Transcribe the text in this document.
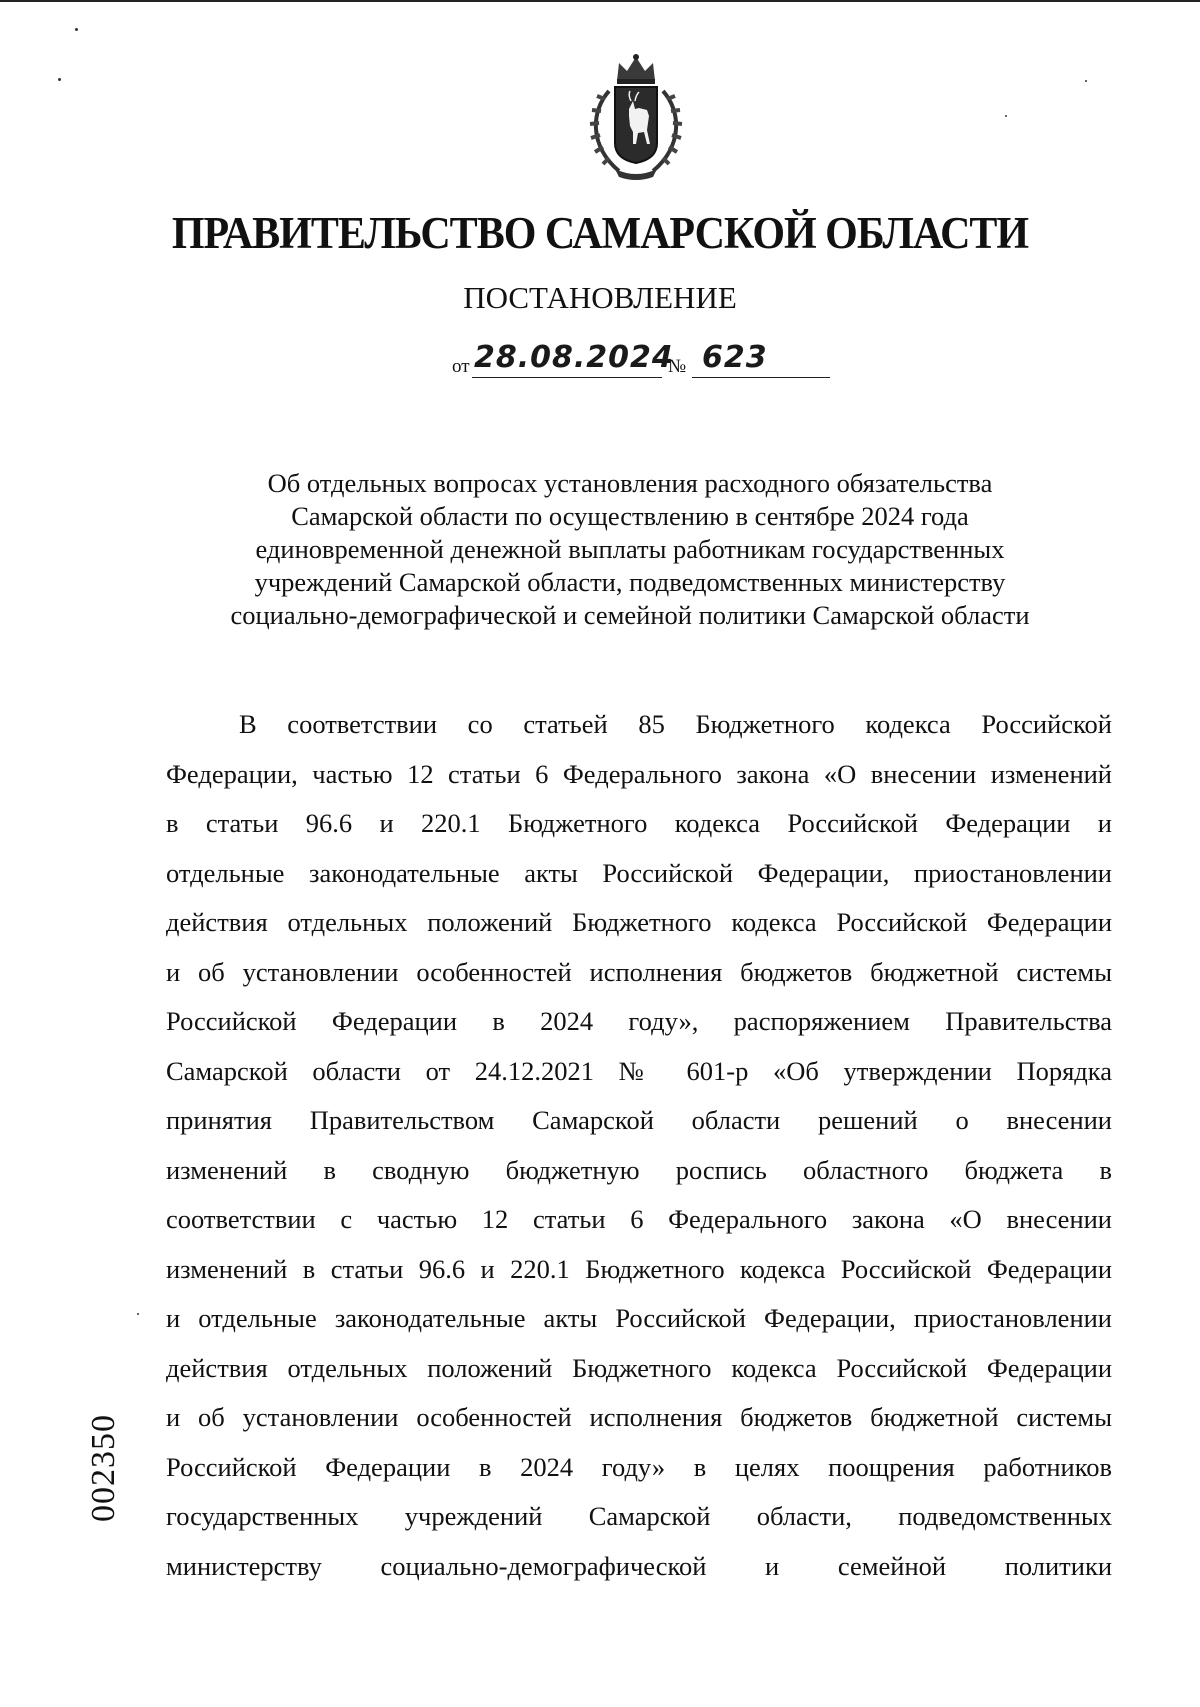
ПРАВИТЕЛЬСТВО САМАРСКОЙ ОБЛАСТИ
ПОСТАНОВЛЕНИЕ
от 28.08.2024
№ 623
Об отдельных вопросах установления расходного обязательства
Самарской области по осуществлению в сентябре 2024 года
единовременной денежной выплаты работникам государственных
учреждений Самарской области, подведомственных министерству
социально-демографической и семейной политики Самарской области
В соответствии со статьей 85 Бюджетного кодекса Российской
Федерации, частью 12 статьи 6 Федерального закона «О внесении изменений
в статьи 96.6 и 220.1 Бюджетного кодекса Российской Федерации и
отдельные законодательные акты Российской Федерации, приостановлении
действия отдельных положений Бюджетного кодекса Российской Федерации
и об установлении особенностей исполнения бюджетов бюджетной системы
Российской Федерации в 2024 году», распоряжением Правительства
Самарской области от 24.12.2021 № 601-р «Об утверждении Порядка
принятия Правительством Самарской области решений о внесении
изменений в сводную бюджетную роспись областного бюджета в
соответствии с частью 12 статьи 6 Федерального закона «О внесении
изменений в статьи 96.6 и 220.1 Бюджетного кодекса Российской Федерации
и отдельные законодательные акты Российской Федерации, приостановлении
действия отдельных положений Бюджетного кодекса Российской Федерации
и об установлении особенностей исполнения бюджетов бюджетной системы
Российской Федерации в 2024 году» в целях поощрения работников
государственных учреждений Самарской области, подведомственных
министерству социально-демографической и семейной политики
002350
